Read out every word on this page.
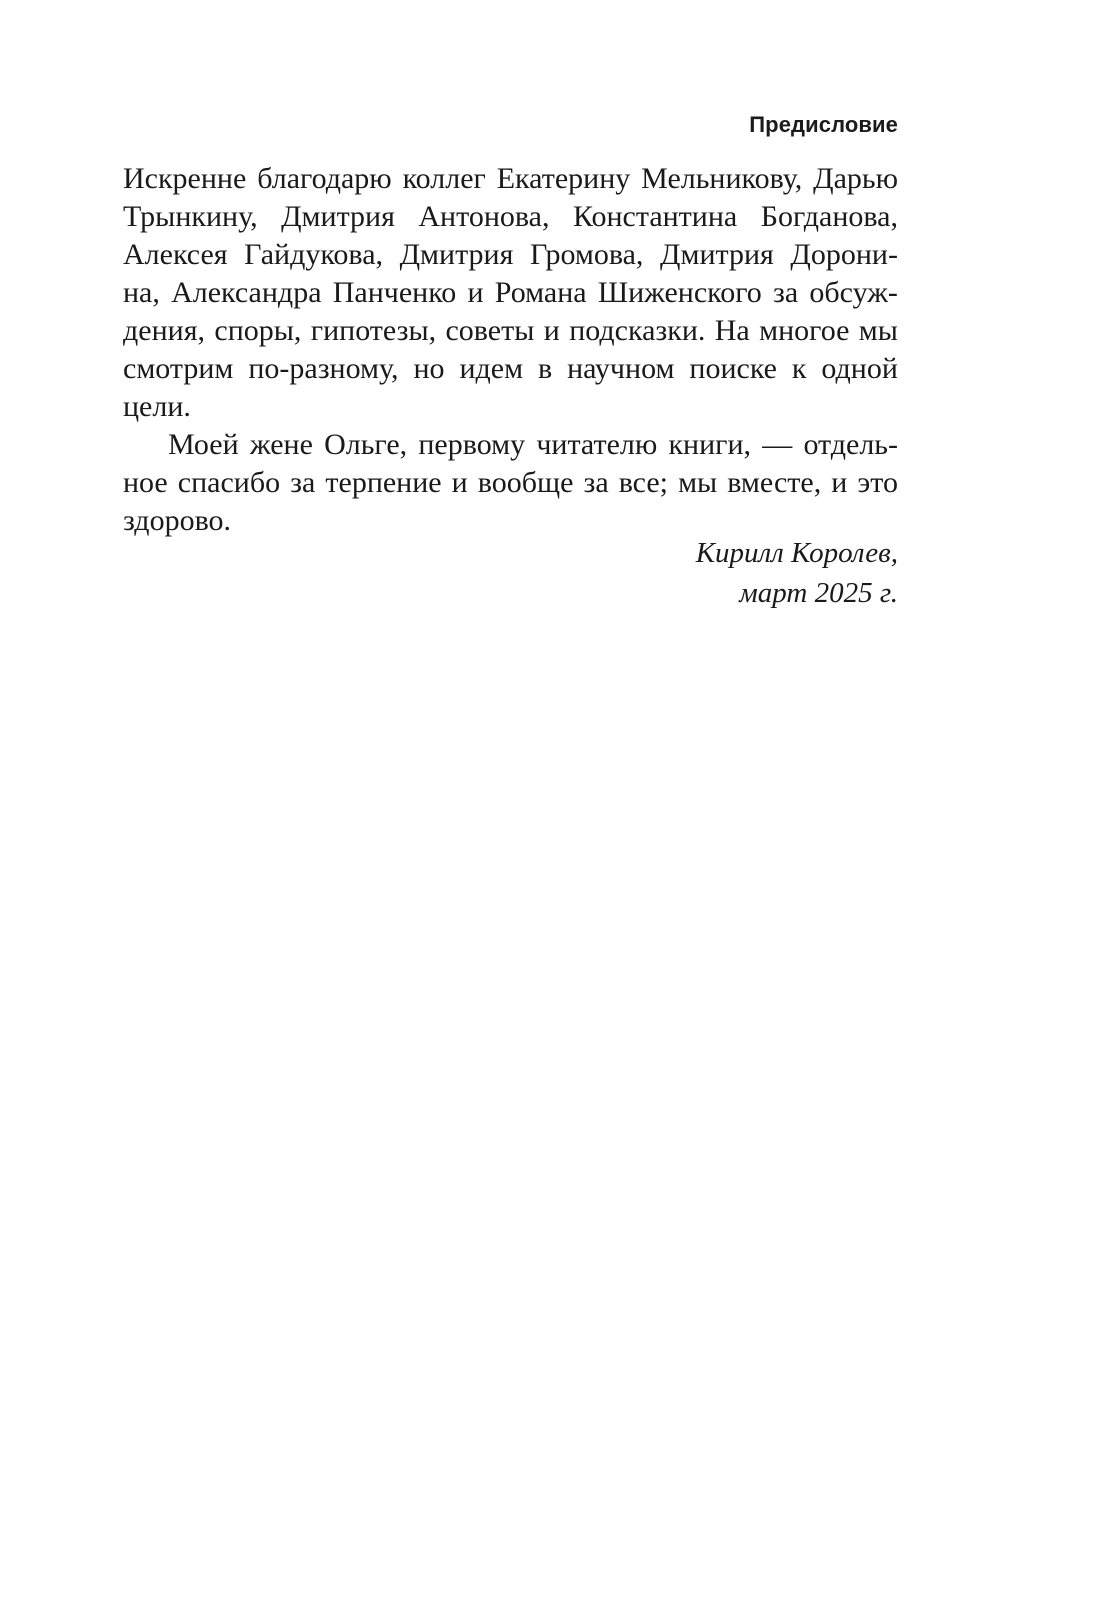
Предисловие
Искренне благодарю коллег Екатерину Мельникову, Дарью
Трынкину, Дмитрия Антонова, Константина Богданова,
Алексея Гайдукова, Дмитрия Громова, Дмитрия Дорони-
на, Александра Панченко и Романа Шиженского за обсуж-
дения, споры, гипотезы, советы и подсказки. На многое мы
смотрим по-разному, но идем в научном поиске к одной
цели.
Моей жене Ольге, первому читателю книги, — отдель-
ное спасибо за терпение и вообще за все; мы вместе, и это
здорово.
Кирилл Королев,
март 2025 г.
